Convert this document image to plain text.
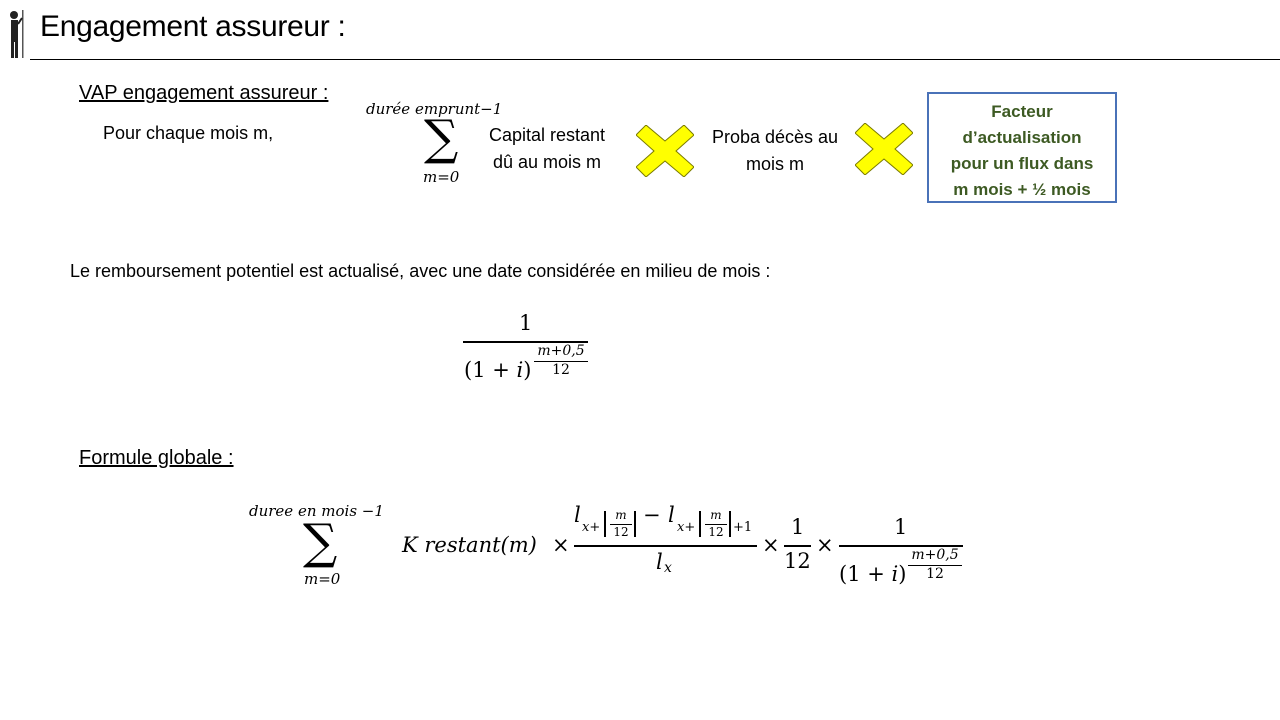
Engagement assureur :
VAP engagement assureur :
Pour chaque mois m,
durée emprunt−1
∑
m=0
Capital restant
dû au mois m
Proba décès au
mois m
Facteur
d’actualisation
pour un flux dans
m mois + ½ mois
Le remboursement potentiel est actualisé, avec une date considérée en milieu de mois :
1
(1 + i)
m+0,5
12
Formule globale :
duree en mois −1
∑
m=0
K restant(m) ×
l
x+
m
12
− l
x+
m
12 +1
l x
×
1
12
×
1
(1 + i)
m+0,5
12
